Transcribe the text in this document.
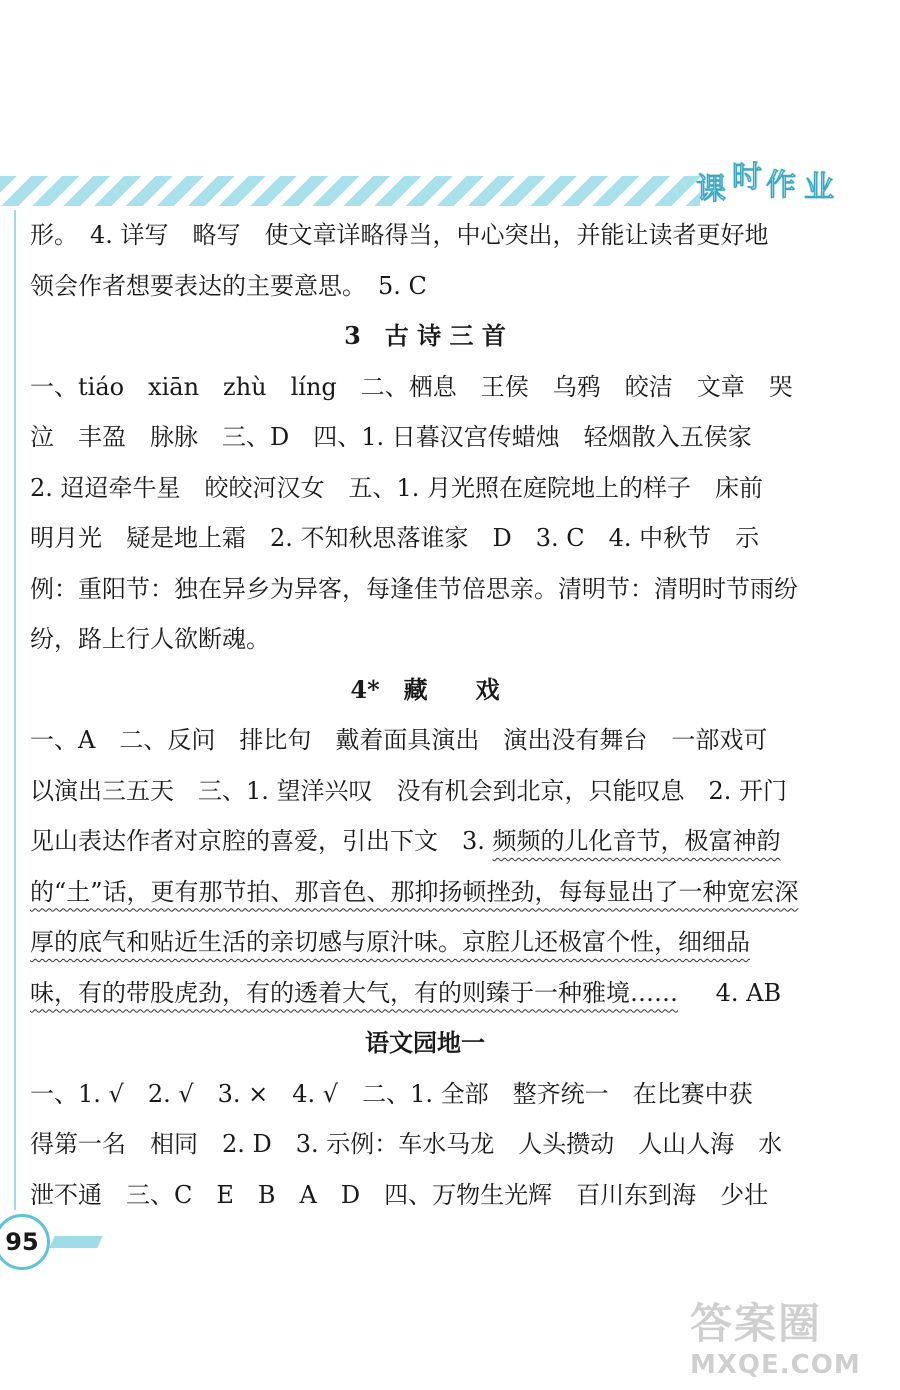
课 时 作 业
形。　4. 详写　略写　使文章详略得当，中心突出，并能让读者更好地
领会作者想要表达的主要意思。　5. C
3　古 诗 三 首
一、tiáo　xiān　zhù　líng　二、栖息　王侯　乌鸦　皎洁　文章　哭
泣　丰盈　脉脉　三、D　四、1. 日暮汉宫传蜡烛　轻烟散入五侯家
2. 迢迢牵牛星　皎皎河汉女　五、1. 月光照在庭院地上的样子　床前
明月光　疑是地上霜　2. 不知秋思落谁家　D　3. C　4. 中秋节　示
例：重阳节：独在异乡为异客，每逢佳节倍思亲。清明节：清明时节雨纷
纷，路上行人欲断魂。
4*　藏　　戏
一、A　二、反问　排比句　戴着面具演出　演出没有舞台　一部戏可
以演出三五天　三、1. 望洋兴叹　没有机会到北京，只能叹息　2. 开门
见山表达作者对京腔的喜爱，引出下文　3. 频频的儿化音节，极富神韵
的“土”话，更有那节拍、那音色、那抑扬顿挫劲，每每显出了一种宽宏深
厚的底气和贴近生活的亲切感与原汁味。京腔儿还极富个性，细细品
味，有的带股虎劲，有的透着大气，有的则臻于一种雅境…… 4. AB
语文园地一
一、1. √　2. √　3. ×　4. √　二、1. 全部　整齐统一　在比赛中获
得第一名　相同　2. D　3. 示例：车水马龙　人头攒动　人山人海　水
泄不通　三、C　E　B　A　D　四、万物生光辉　百川东到海　少壮
95
答案圈
MXQE.COM
